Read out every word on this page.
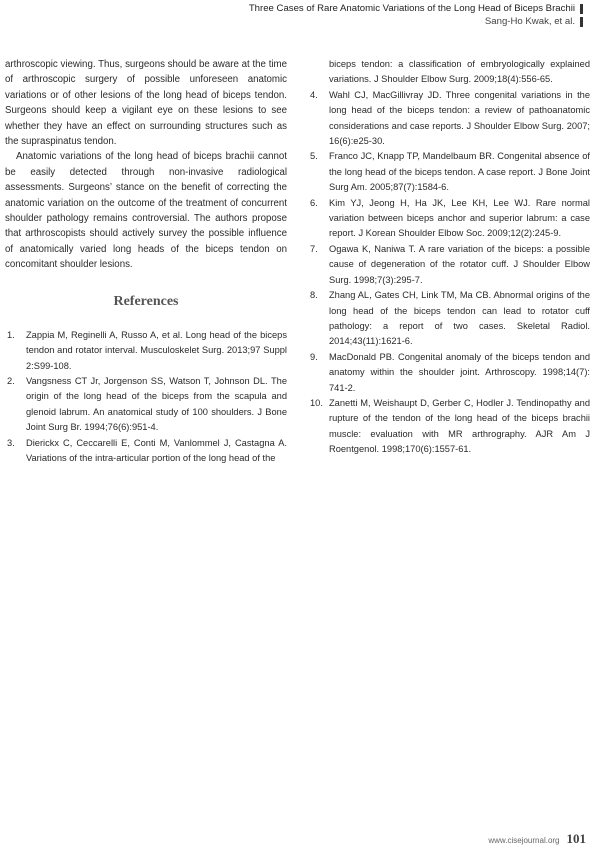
Three Cases of Rare Anatomic Variations of the Long Head of Biceps Brachii
Sang-Ho Kwak, et al.

arthroscopic viewing. Thus, surgeons should be aware at the time of arthroscopic surgery of possible unforeseen anatomic variations or of other lesions of the long head of biceps tendon. Surgeons should keep a vigilant eye on these lesions to see whether they have an effect on surrounding structures such as the supraspinatus tendon.

Anatomic variations of the long head of biceps brachii cannot be easily detected through non-invasive radiological assessments. Surgeons’ stance on the benefit of correcting the anatomic variation on the outcome of the treatment of concurrent shoulder pathology remains controversial. The authors propose that arthroscopists should actively survey the possible influence of anatomically varied long heads of the biceps tendon on concomitant shoulder lesions.

References
1.	Zappia M, Reginelli A, Russo A, et al. Long head of the biceps tendon and rotator interval. Musculoskelet Surg. 2013;97 Suppl 2:S99-108.
2.	Vangsness CT Jr, Jorgenson SS, Watson T, Johnson DL. The origin of the long head of the biceps from the scapula and glenoid labrum. An anatomical study of 100 shoulders. J Bone Joint Surg Br. 1994;76(6):951-4.
3.	Dierickx C, Ceccarelli E, Conti M, Vanlommel J, Castagna A. Variations of the intra-articular portion of the long head of the
biceps tendon: a classification of embryologically explained variations. J Shoulder Elbow Surg. 2009;18(4):556-65.
4.	Wahl CJ, MacGillivray JD. Three congenital variations in the long head of the biceps tendon: a review of pathoanatomic considerations and case reports. J Shoulder Elbow Surg. 2007; 16(6):e25-30.
5.	Franco JC, Knapp TP, Mandelbaum BR. Congenital absence of the long head of the biceps tendon. A case report. J Bone Joint Surg Am. 2005;87(7):1584-6.
6.	Kim YJ, Jeong H, Ha JK, Lee KH, Lee WJ. Rare normal variation between biceps anchor and superior labrum: a case report. J Korean Shoulder Elbow Soc. 2009;12(2):245-9.
7.	Ogawa K, Naniwa T. A rare variation of the biceps: a possible cause of degeneration of the rotator cuff. J Shoulder Elbow Surg. 1998;7(3):295-7.
8.	Zhang AL, Gates CH, Link TM, Ma CB. Abnormal origins of the long head of the biceps tendon can lead to rotator cuff pathology: a report of two cases. Skeletal Radiol. 2014;43(11):1621-6.
9.	MacDonald PB. Congenital anomaly of the biceps tendon and anatomy within the shoulder joint. Arthroscopy. 1998;14(7): 741-2.
10. Zanetti M, Weishaupt D, Gerber C, Hodler J. Tendinopathy and rupture of the tendon of the long head of the biceps brachii muscle: evaluation with MR arthrography. AJR Am J Roentgenol. 1998;170(6):1557-61.
www.cisejournal.org 101
